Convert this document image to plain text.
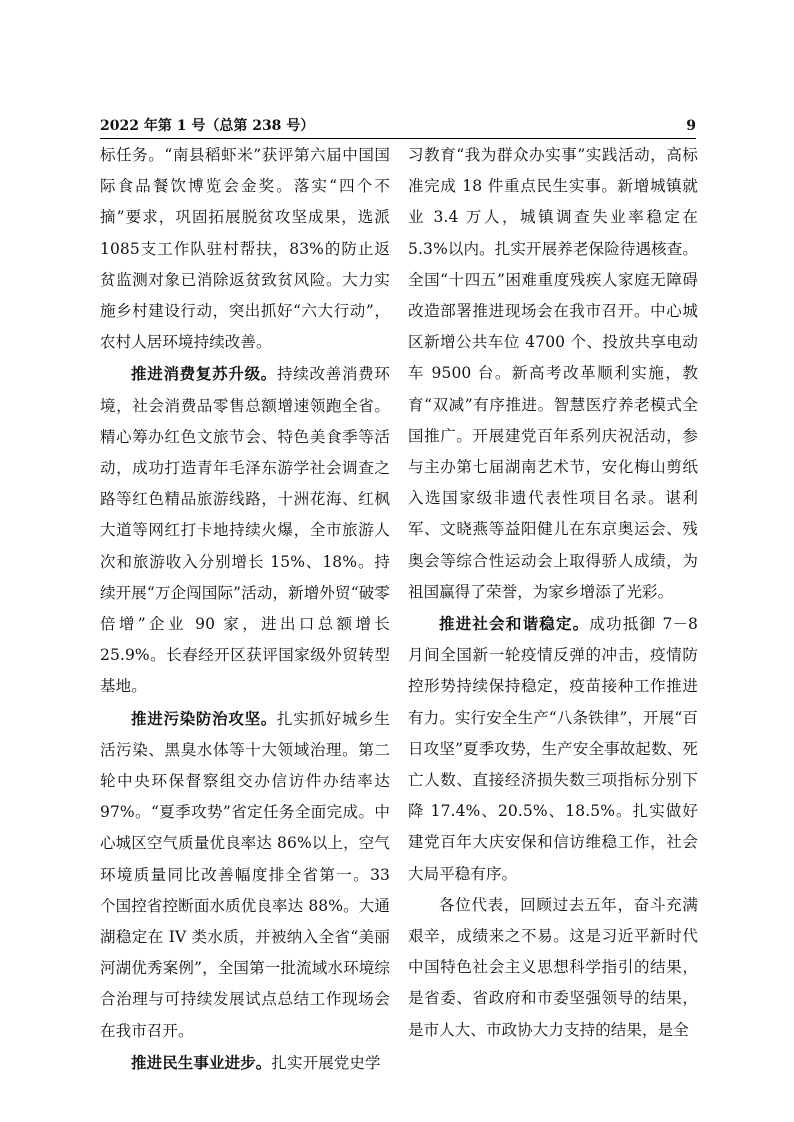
2022 年第 1 号（总第 238 号）	9

标任务。“南县稻虾米”获评第六届中国国际食品餐饮博览会金奖。落实“四个不摘”要求，巩固拓展脱贫攻坚成果，选派1085支工作队驻村帮扶，83%的防止返贫监测对象已消除返贫致贫风险。大力实施乡村建设行动，突出抓好“六大行动”，农村人居环境持续改善。

推进消费复苏升级。持续改善消费环境，社会消费品零售总额增速领跑全省。精心筹办红色文旅节会、特色美食季等活动，成功打造青年毛泽东游学社会调查之路等红色精品旅游线路，十洲花海、红枫大道等网红打卡地持续火爆，全市旅游人次和旅游收入分别增长 15%、18%。持续开展“万企闯国际”活动，新增外贸“破零倍增”企业 90 家，进出口总额增长 25.9%。长春经开区获评国家级外贸转型基地。

推进污染防治攻坚。扎实抓好城乡生活污染、黑臭水体等十大领域治理。第二轮中央环保督察组交办信访件办结率达97%。“夏季攻势”省定任务全面完成。中心城区空气质量优良率达 86%以上，空气环境质量同比改善幅度排全省第一。33 个国控省控断面水质优良率达 88%。大通湖稳定在 IV 类水质，并被纳入全省“美丽河湖优秀案例”，全国第一批流域水环境综合治理与可持续发展试点总结工作现场会在我市召开。

推进民生事业进步。扎实开展党史学

习教育“我为群众办实事”实践活动，高标准完成 18 件重点民生实事。新增城镇就业 3.4 万人，城镇调查失业率稳定在 5.3%以内。扎实开展养老保险待遇核查。全国“十四五”困难重度残疾人家庭无障碍改造部署推进现场会在我市召开。中心城区新增公共车位 4700 个、投放共享电动车 9500 台。新高考改革顺利实施，教育“双减”有序推进。智慧医疗养老模式全国推广。开展建党百年系列庆祝活动，参与主办第七届湖南艺术节，安化梅山剪纸入选国家级非遗代表性项目名录。谌利军、文晓燕等益阳健儿在东京奥运会、残奥会等综合性运动会上取得骄人成绩，为祖国赢得了荣誉，为家乡增添了光彩。

推进社会和谐稳定。成功抵御 7－8 月间全国新一轮疫情反弹的冲击，疫情防控形势持续保持稳定，疫苗接种工作推进有力。实行安全生产“八条铁律”，开展“百日攻坚”夏季攻势，生产安全事故起数、死亡人数、直接经济损失数三项指标分别下降 17.4%、20.5%、18.5%。扎实做好建党百年大庆安保和信访维稳工作，社会大局平稳有序。

各位代表，回顾过去五年，奋斗充满艰辛，成绩来之不易。这是习近平新时代中国特色社会主义思想科学指引的结果，是省委、省政府和市委坚强领导的结果，是市人大、市政协大力支持的结果，是全
